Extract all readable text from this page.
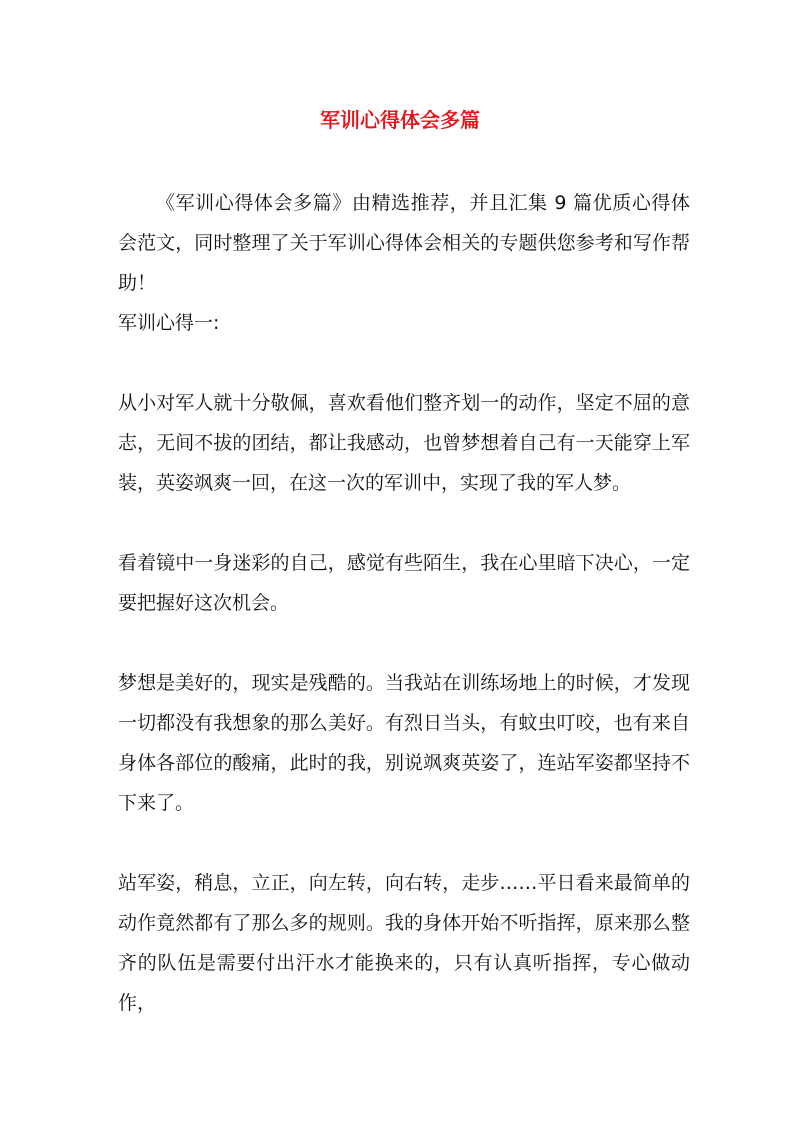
军训心得体会多篇

《军训心得体会多篇》由精选推荐，并且汇集 9 篇优质心得体会范文，同时整理了关于军训心得体会相关的专题供您参考和写作帮助！

军训心得一:

从小对军人就十分敬佩，喜欢看他们整齐划一的动作，坚定不屈的意志，无间不拔的团结，都让我感动，也曾梦想着自己有一天能穿上军装，英姿飒爽一回，在这一次的军训中，实现了我的军人梦。

看着镜中一身迷彩的自己，感觉有些陌生，我在心里暗下决心，一定要把握好这次机会。

梦想是美好的，现实是残酷的。当我站在训练场地上的时候，才发现一切都没有我想象的那么美好。有烈日当头，有蚊虫叮咬，也有来自身体各部位的酸痛，此时的我，别说飒爽英姿了，连站军姿都坚持不下来了。

站军姿，稍息，立正，向左转，向右转，走步……平日看来最简单的动作竟然都有了那么多的规则。我的身体开始不听指挥，原来那么整齐的队伍是需要付出汗水才能换来的，只有认真听指挥，专心做动作，
